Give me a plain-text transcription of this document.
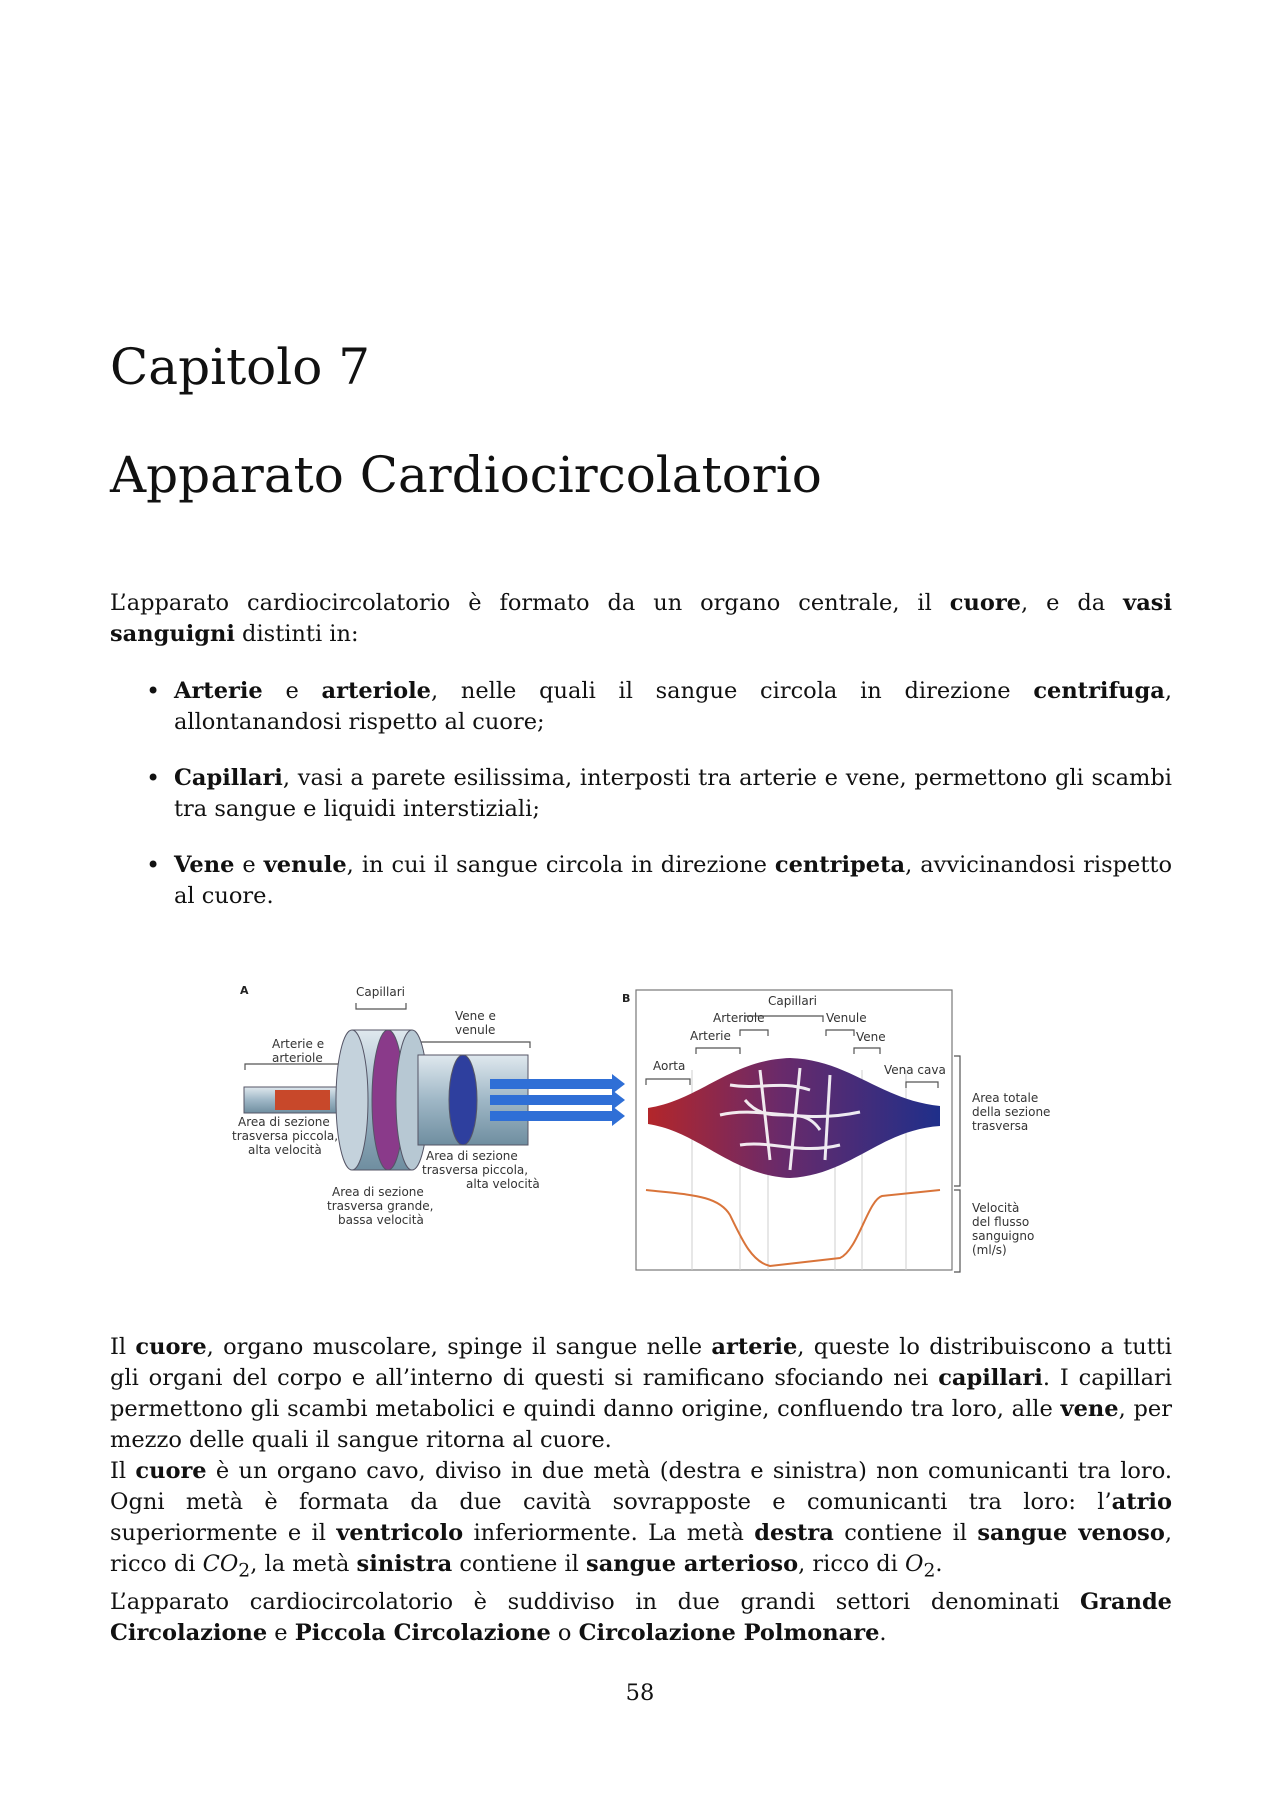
Capitolo 7
Apparato Cardiocircolatorio

L’apparato cardiocircolatorio è formato da un organo centrale, il cuore, e da vasi sanguigni distinti in:

• Arterie e arteriole, nelle quali il sangue circola in direzione centrifuga, allontanandosi rispetto al cuore;
• Capillari, vasi a parete esilissima, interposti tra arterie e vene, permettono gli scambi tra sangue e liquidi interstiziali;
• Vene e venule, in cui il sangue circola in direzione centripeta, avvicinandosi rispetto al cuore.
A	Capillari
Arterie e
arteriole
Vene e
venule
Area di sezione
trasversa piccola,
alta velocità	Area di sezione
trasversa piccola,
alta velocità
Area di sezione
trasversa grande,
bassa velocità
B	Capillari
Arteriole	Venule
Arterie	Vene
Aorta	Vena cava
Area totale
della sezione
trasversa
Velocità
del flusso
sanguigno
(ml/s)

Il cuore, organo muscolare, spinge il sangue nelle arterie, queste lo distribuiscono a tutti gli organi del corpo e all’interno di questi si ramificano sfociando nei capillari. I capillari permettono gli scambi metabolici e quindi danno origine, confluendo tra loro, alle vene, per mezzo delle quali il sangue ritorna al cuore.
Il cuore è un organo cavo, diviso in due metà (destra e sinistra) non comunicanti tra loro. Ogni metà è formata da due cavità sovrapposte e comunicanti tra loro: l’atrio superiormente e il ventricolo inferiormente. La metà destra contiene il sangue venoso, ricco di $CO_2$, la metà sinistra contiene il sangue arterioso, ricco di $O_2$.
L’apparato cardiocircolatorio è suddiviso in due grandi settori denominati Grande Circolazione e Piccola Circolazione o Circolazione Polmonare.

58
